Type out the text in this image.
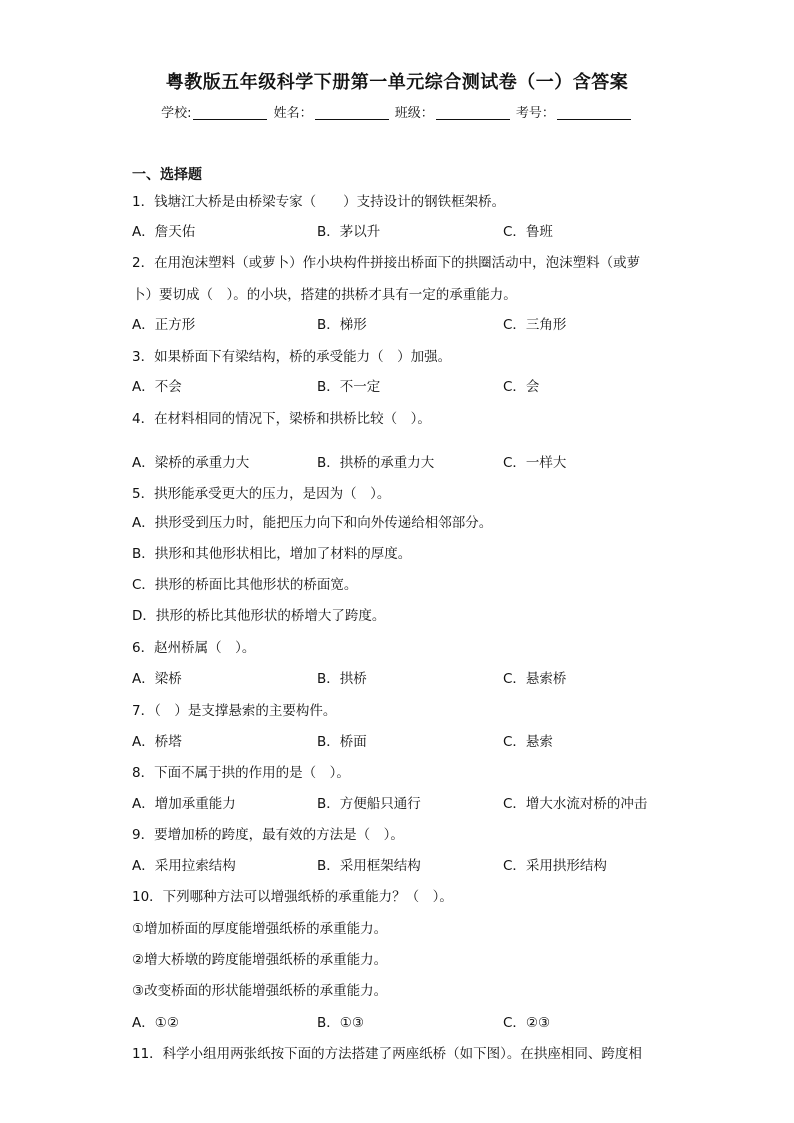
粤教版五年级科学下册第一单元综合测试卷（一）含答案
学校:	姓名：	班级：	考号：
一、选择题
1．钱塘江大桥是由桥梁专家（　　）支持设计的钢铁框架桥。
A．詹天佑	B．茅以升	C．鲁班
2．在用泡沫塑料（或萝卜）作小块构件拼接出桥面下的拱圈活动中，泡沫塑料（或萝
卜）要切成（　）。的小块，搭建的拱桥才具有一定的承重能力。
A．正方形	B．梯形	C．三角形
3．如果桥面下有梁结构，桥的承受能力（　）加强。
A．不会	B．不一定	C．会
4．在材料相同的情况下，梁桥和拱桥比较（　）。
A．梁桥的承重力大	B．拱桥的承重力大	C．一样大
5．拱形能承受更大的压力，是因为（　）。
A．拱形受到压力时，能把压力向下和向外传递给相邻部分。
B．拱形和其他形状相比，增加了材料的厚度。
C．拱形的桥面比其他形状的桥面宽。
D．拱形的桥比其他形状的桥增大了跨度。
6．赵州桥属（　）。
A．梁桥	B．拱桥	C．悬索桥
7．（　）是支撑悬索的主要构件。
A．桥塔	B．桥面	C．悬索
8．下面不属于拱的作用的是（　）。
A．增加承重能力	B．方便船只通行	C．增大水流对桥的冲击
9．要增加桥的跨度，最有效的方法是（　）。
A．采用拉索结构	B．采用框架结构	C．采用拱形结构
10．下列哪种方法可以增强纸桥的承重能力？（　）。
①增加桥面的厚度能增强纸桥的承重能力。
②增大桥墩的跨度能增强纸桥的承重能力。
③改变桥面的形状能增强纸桥的承重能力。
A．①②	B．①③	C．②③
11．科学小组用两张纸按下面的方法搭建了两座纸桥（如下图）。在拱座相同、跨度相
